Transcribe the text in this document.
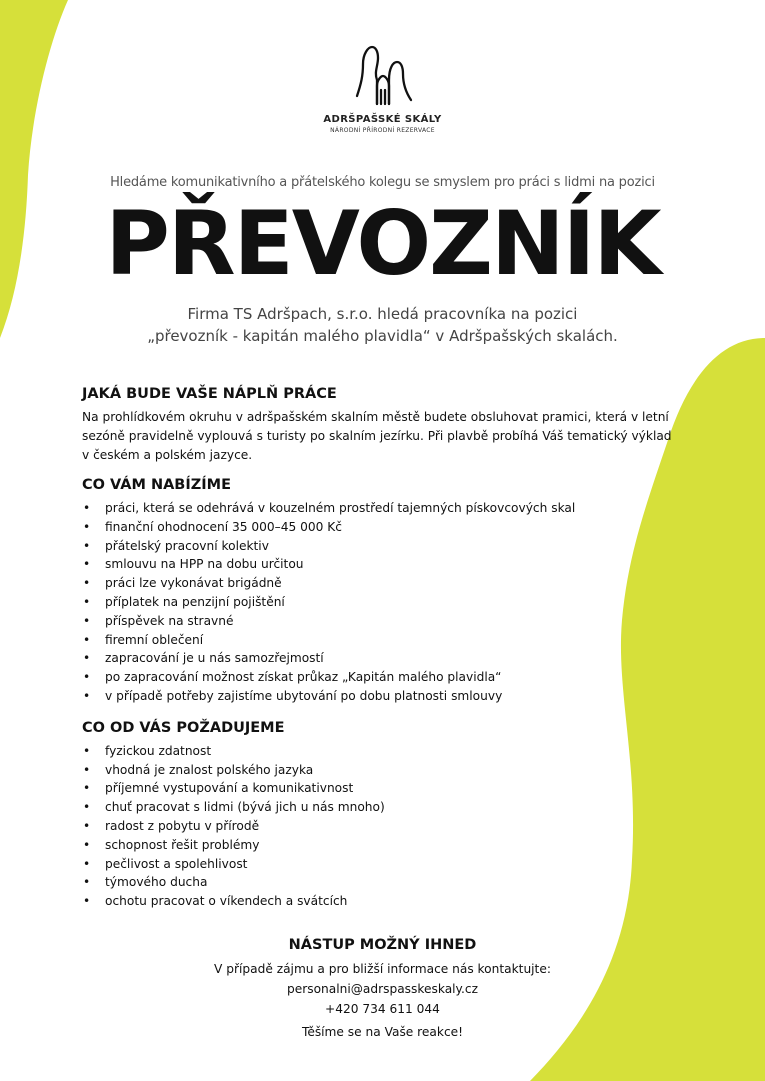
ADRŠPAŠSKÉ SKÁLY
NÁRODNÍ PŘÍRODNÍ REZERVACE
Hledáme komunikativního a přátelského kolegu se smyslem pro práci s lidmi na pozici
PŘEVOZNÍK
Firma TS Adršpach, s.r.o. hledá pracovníka na pozici
„převozník - kapitán malého plavidla“ v Adršpašských skalách.
JAKÁ BUDE VAŠE NÁPLŇ PRÁCE

Na prohlídkovém okruhu v adršpašském skalním městě budete obsluhovat pramici, která v letní sezóně pravidelně vyplouvá s turisty po skalním jezírku. Při plavbě probíhá Váš tematický výklad v českém a polském jazyce.

CO VÁM NABÍZÍME
• práci, která se odehrává v kouzelném prostředí tajemných pískovcových skal
• finanční ohodnocení 35 000–45 000 Kč
• přátelský pracovní kolektiv
• smlouvu na HPP na dobu určitou
• práci lze vykonávat brigádně
• příplatek na penzijní pojištění
• příspěvek na stravné
• firemní oblečení
• zapracování je u nás samozřejmostí
• po zapracování možnost získat průkaz „Kapitán malého plavidla“
• v případě potřeby zajistíme ubytování po dobu platnosti smlouvy
CO OD VÁS POŽADUJEME
• fyzickou zdatnost
• vhodná je znalost polského jazyka
• příjemné vystupování a komunikativnost
• chuť pracovat s lidmi (bývá jich u nás mnoho)
• radost z pobytu v přírodě
• schopnost řešit problémy
• pečlivost a spolehlivost
• týmového ducha
• ochotu pracovat o víkendech a svátcích
NÁSTUP MOŽNÝ IHNED
V případě zájmu a pro bližší informace nás kontaktujte:
personalni@adrspasskeskaly.cz
+420 734 611 044
Těšíme se na Vaše reakce!
